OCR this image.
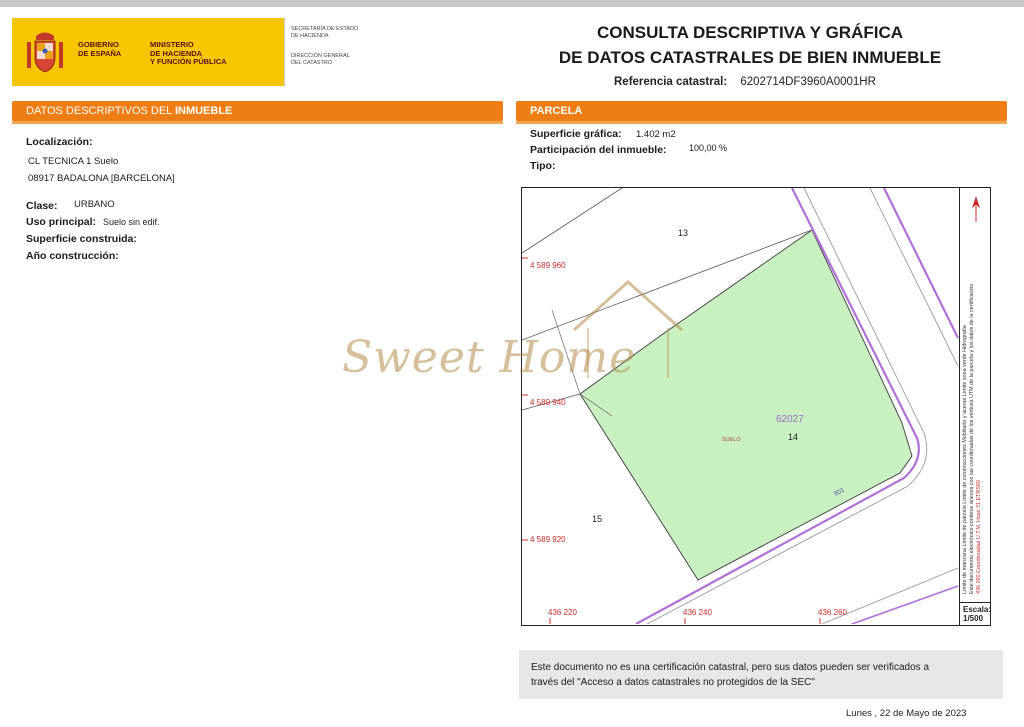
GOBIERNO
DE ESPAÑA
MINISTERIO
DE HACIENDA
Y FUNCIÓN PÚBLICA
SECRETARÍA DE ESTADO
DE HACIENDA
DIRECCIÓN GENERAL
DEL CATASTRO
CONSULTA DESCRIPTIVA Y GRÁFICA
DE DATOS CATASTRALES DE BIEN INMUEBLE
Referencia catastral: 6202714DF3960A0001HR
DATOS DESCRIPTIVOS DEL INMUEBLE
Localización:
CL TECNICA 1 Suelo
08917 BADALONA [BARCELONA]
Clase: URBANO
Uso principal: Suelo sin edif.
Superficie construida:
Año construcción:
PARCELA
Superficie gráfica: 1.402 m2
Participación del inmueble: 100,00 %
Tipo:
4 589 960
4 589 940
4 589 920
436 220	436 240	436 260
13
14
15
62027
SUELO
901	Límite de manzana Límite de parcela Límite de construcciones Mobiliario y aceras Límite zona verde Hidrografía Este documento electrónico contiene anexos con las coordenadas de los vértices UTM de la parcela y los datos de la certificación. 436 260 Coordenadas U.T.M. Huso 31 ETRS89
Escala:
1/500
Sweet Home
Este documento no es una certificación catastral, pero sus datos pueden ser verificados a
través del "Acceso a datos catastrales no protegidos de la SEC"
Lunes , 22 de Mayo de 2023
